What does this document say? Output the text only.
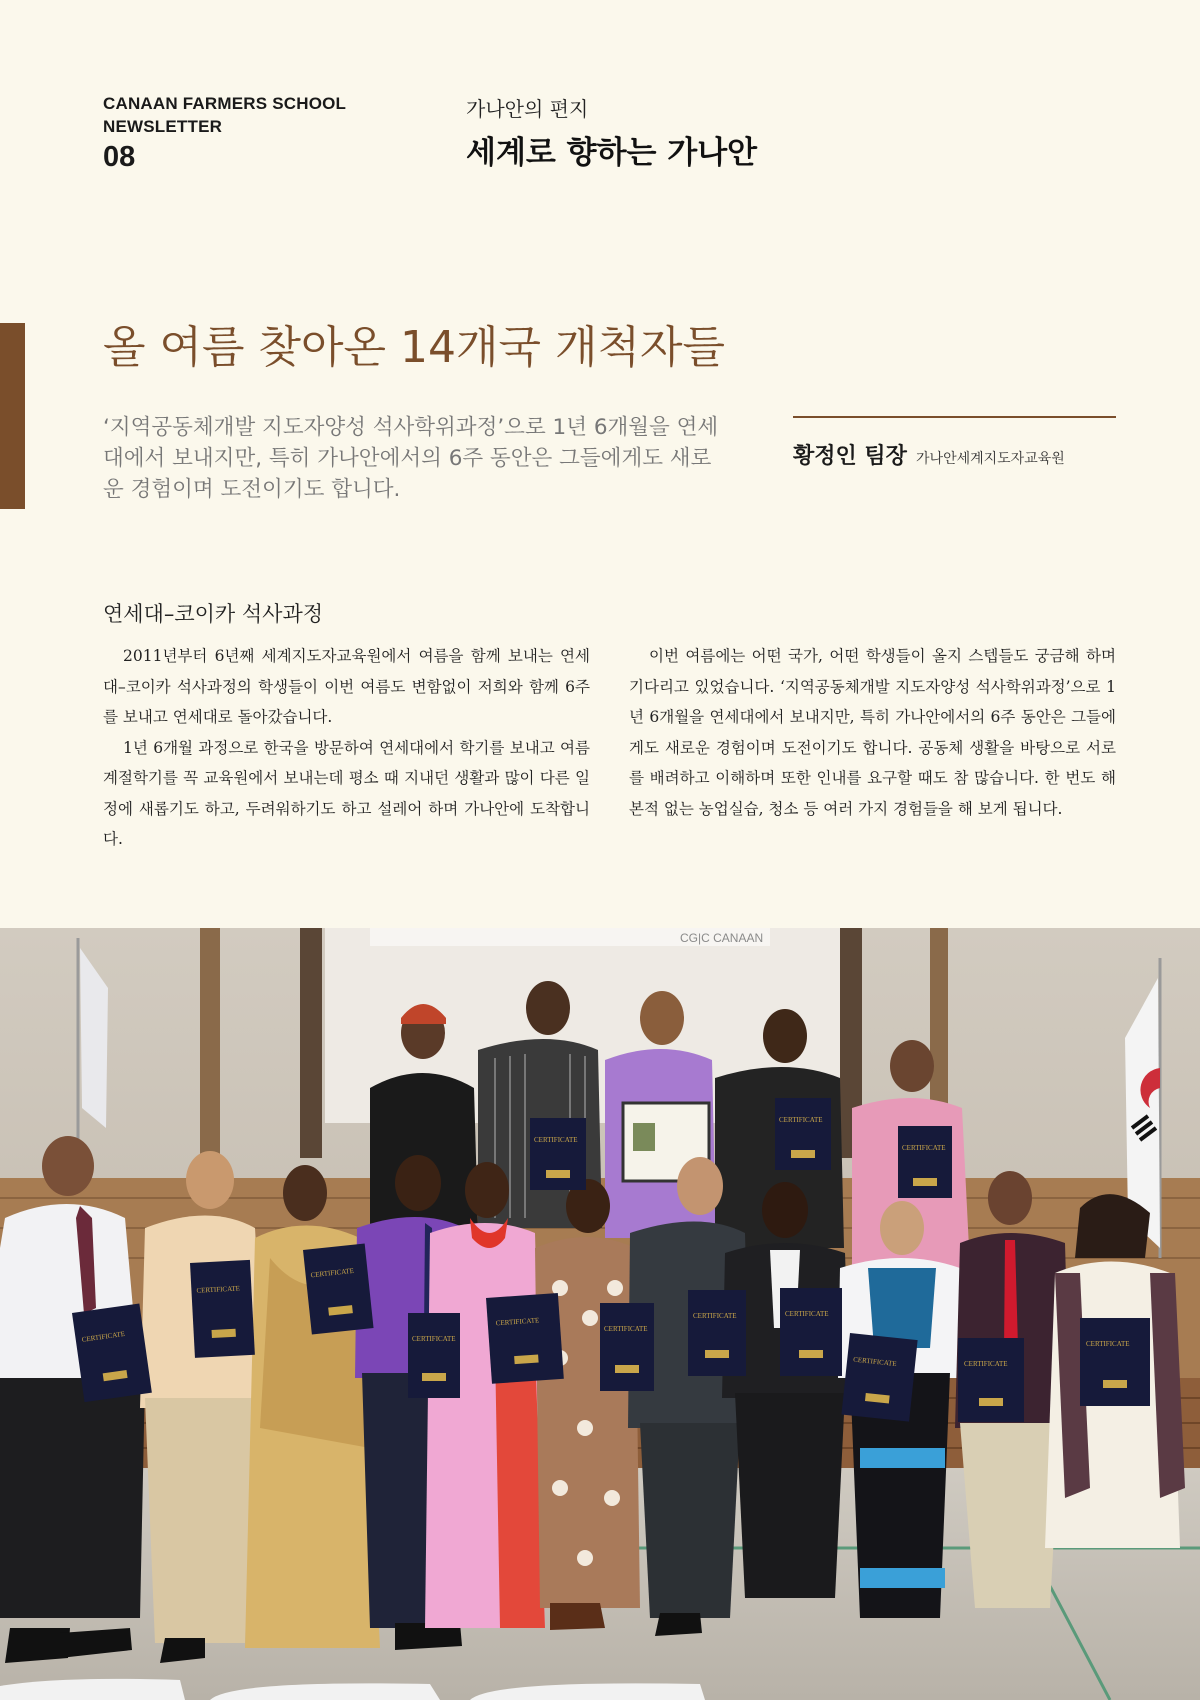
CANAAN FARMERS SCHOOL
NEWSLETTER
08
가나안의 편지
세계로 향하는 가나안
올 여름 찾아온 14개국 개척자들
‘지역공동체개발 지도자양성 석사학위과정’으로 1년 6개월을 연세대에서 보내지만, 특히 가나안에서의 6주 동안은 그들에게도 새로운 경험이며 도전이기도 합니다.
황정인 팀장 가나안세계지도자교육원
연세대–코이카 석사과정

2011년부터 6년째 세계지도자교육원에서 여름을 함께 보내는 연세대–코이카 석사과정의 학생들이 이번 여름도 변함없이 저희와 함께 6주를 보내고 연세대로 돌아갔습니다.

1년 6개월 과정으로 한국을 방문하여 연세대에서 학기를 보내고 여름계절학기를 꼭 교육원에서 보내는데 평소 때 지내던 생활과 많이 다른 일정에 새롭기도 하고, 두려워하기도 하고 설레어 하며 가나안에 도착합니다.

이번 여름에는 어떤 국가, 어떤 학생들이 올지 스텝들도 궁금해 하며 기다리고 있었습니다. ‘지역공동체개발 지도자양성 석사학위과정’으로 1년 6개월을 연세대에서 보내지만, 특히 가나안에서의 6주 동안은 그들에게도 새로운 경험이며 도전이기도 합니다. 공동체 생활을 바탕으로 서로를 배려하고 이해하며 또한 인내를 요구할 때도 참 많습니다. 한 번도 해 본적 없는 농업실습, 청소 등 여러 가지 경험들을 해 보게 됩니다.

CG|C CANAAN
CERTIFICATE
CERTIFICATE
CERTIFICATE
CERTIFICATE
CERTIFICATE
CERTIFICATE
CERTIFICATE	CERTIFICATE
CERTIFICATE	CERTIFICATE
CERTIFICATE
CERTIFICATE
CERTIFICATE
CERTIFICATE
